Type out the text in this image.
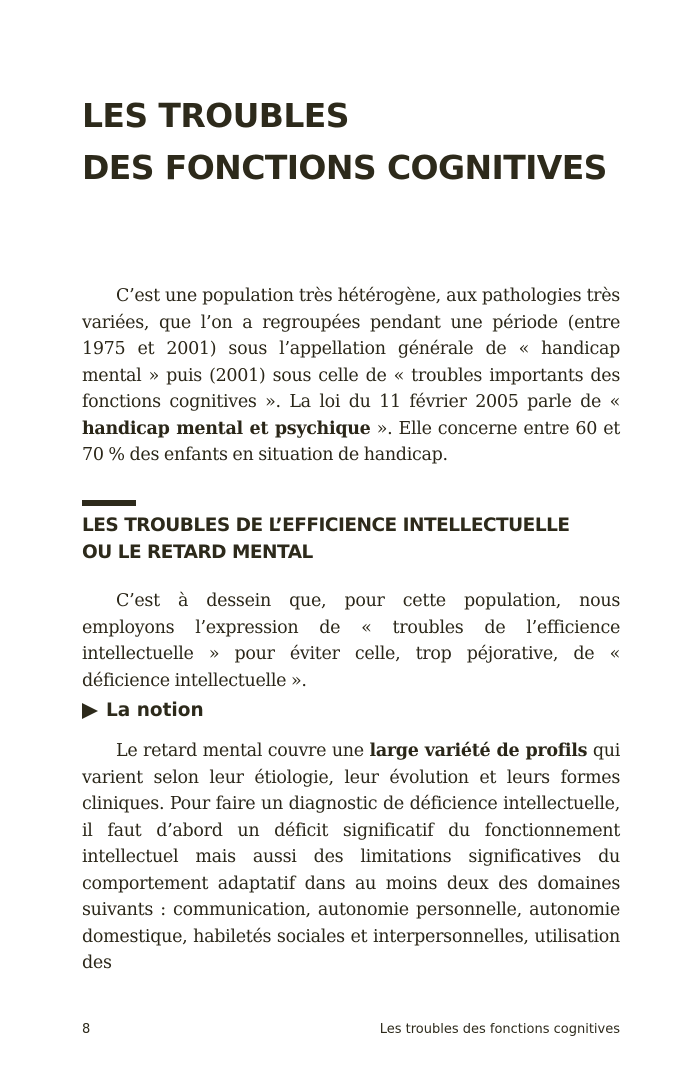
LES TROUBLES
DES FONCTIONS COGNITIVES

C’est une population très hétérogène, aux pathologies très variées, que l’on a regroupées pendant une période (entre 1975 et 2001) sous l’appellation générale de « handicap mental » puis (2001) sous celle de « troubles importants des fonctions cognitives ». La loi du 11 février 2005 parle de « handicap mental et psychique ». Elle concerne entre 60 et 70 % des enfants en situation de handicap.

LES TROUBLES DE L’EFFICIENCE INTELLECTUELLE
OU LE RETARD MENTAL

C’est à dessein que, pour cette population, nous employons l’expression de « troubles de l’efficience intellectuelle » pour éviter celle, trop péjorative, de « déficience intellectuelle ».

La notion

Le retard mental couvre une large variété de profils qui varient selon leur étiologie, leur évolution et leurs formes cliniques. Pour faire un diagnostic de déficience intellectuelle, il faut d’abord un déficit significatif du fonctionnement intellectuel mais aussi des limitations significatives du comportement adaptatif dans au moins deux des domaines suivants : communication, autonomie personnelle, autonomie domestique, habiletés sociales et interpersonnelles, utilisation des

8	Les troubles des fonctions cognitives
